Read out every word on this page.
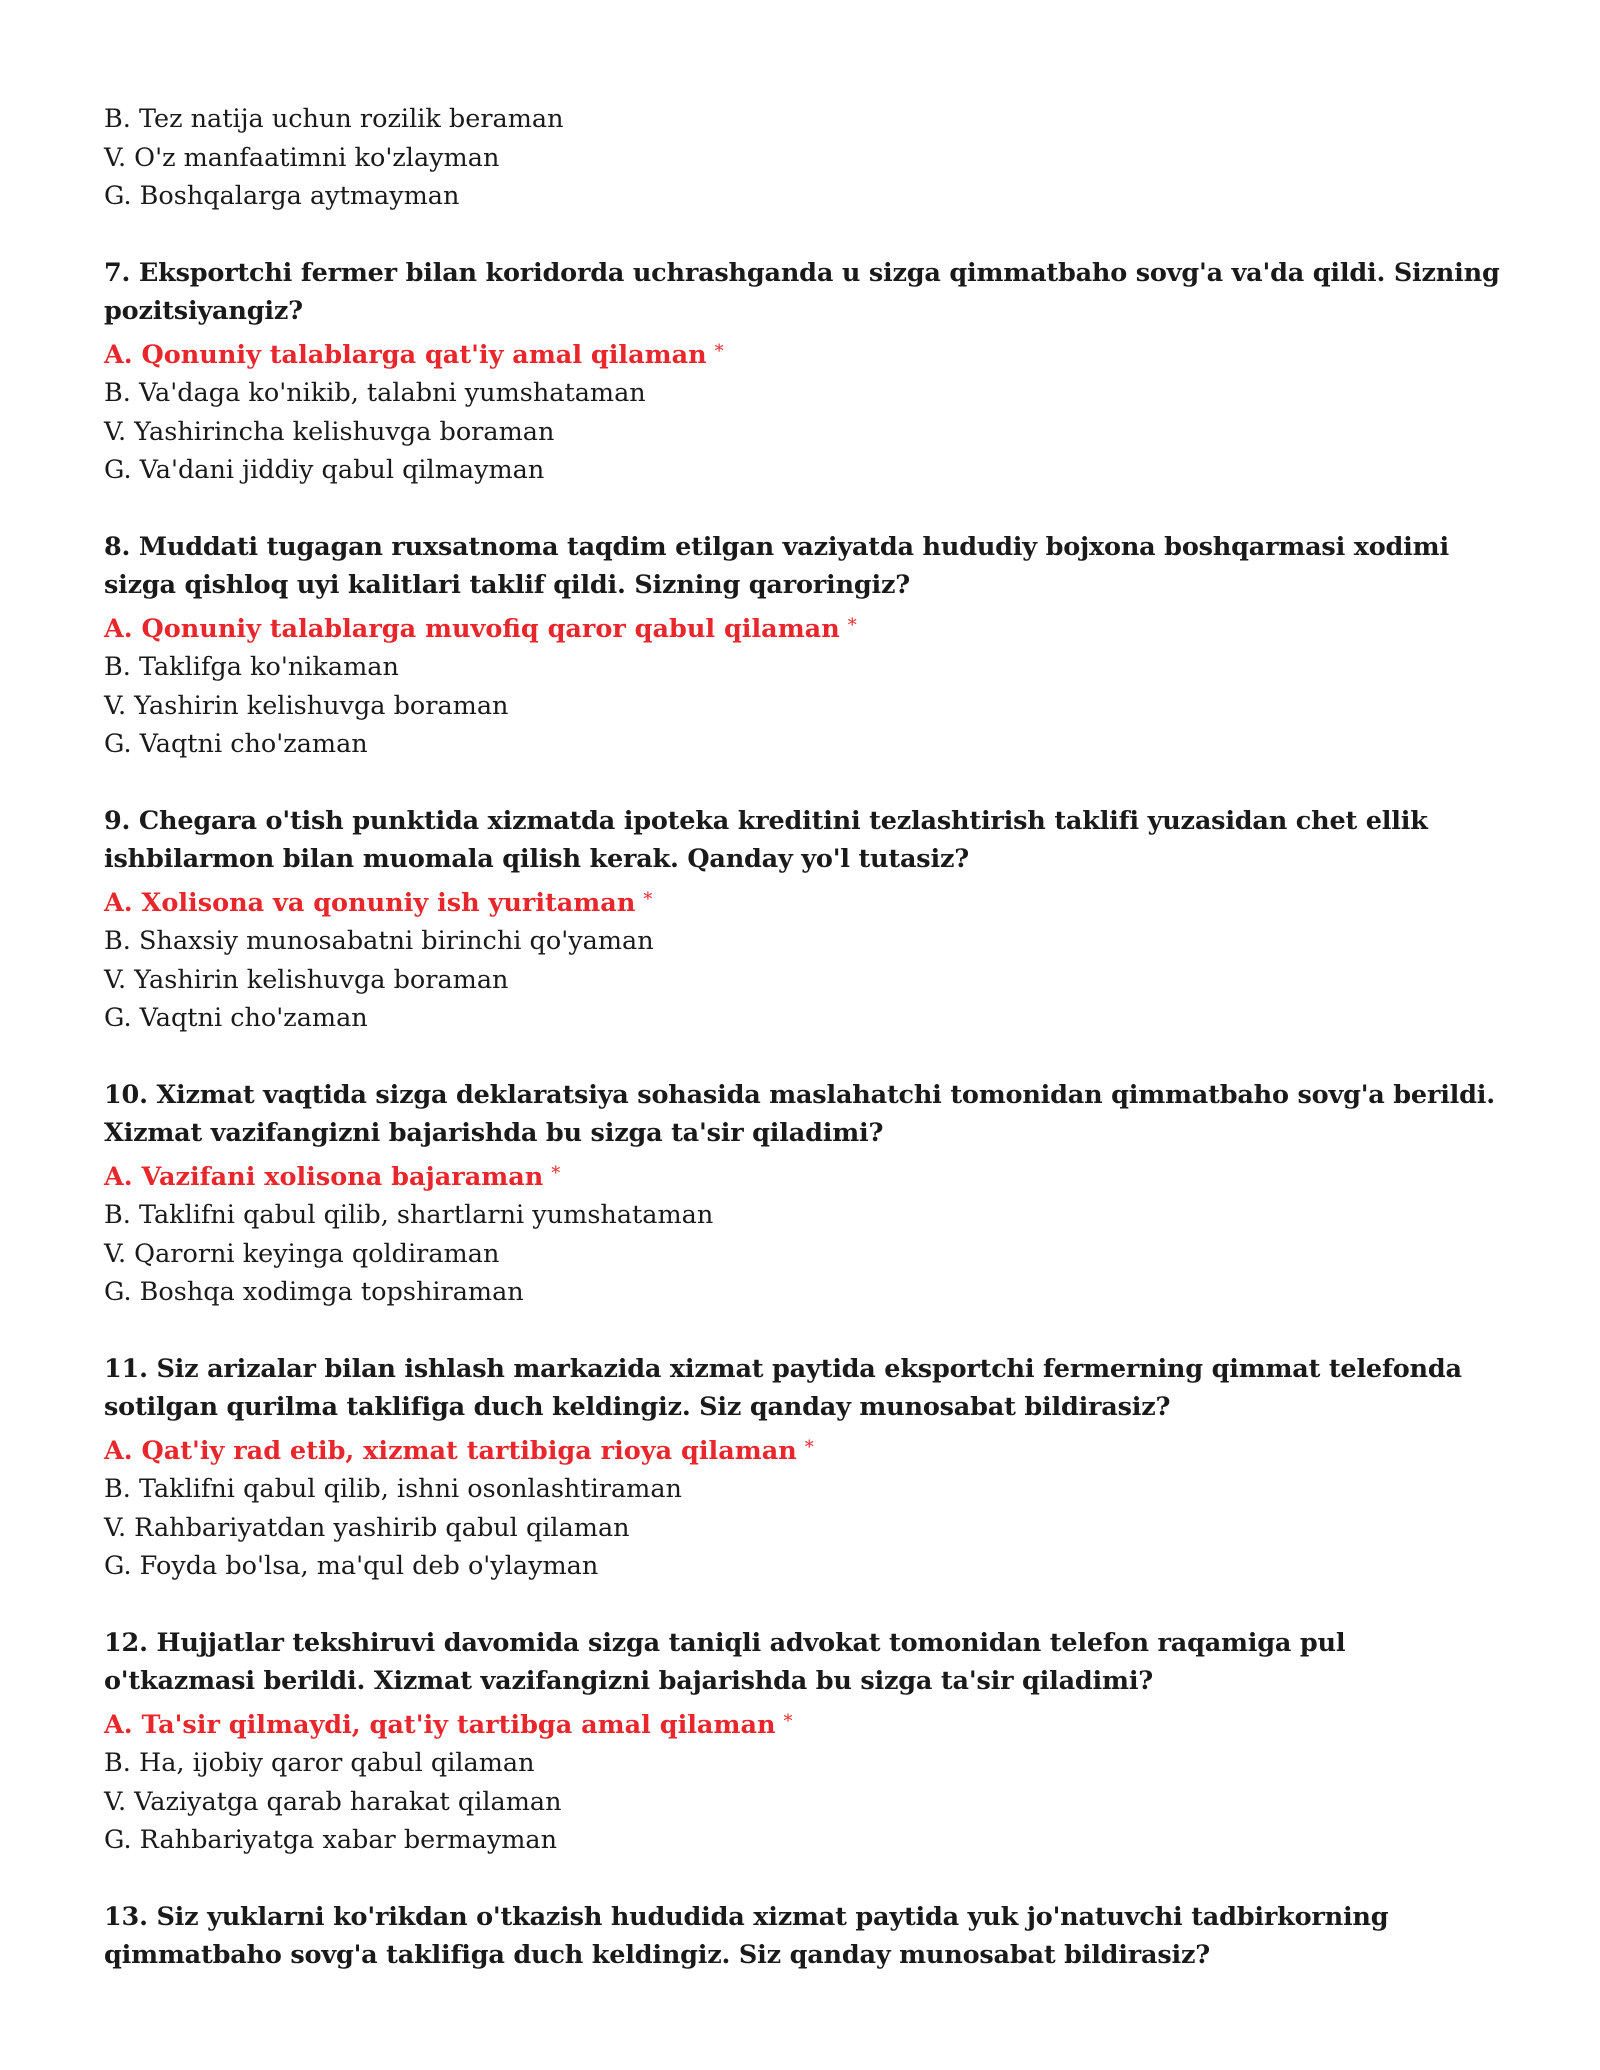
B. Tez natija uchun rozilik beraman
V. O'z manfaatimni ko'zlayman
G. Boshqalarga aytmayman
7. Eksportchi fermer bilan koridorda uchrashganda u sizga qimmatbaho sovg'a va'da qildi. Sizning pozitsiyangiz?
A. Qonuniy talablarga qat'iy amal qilaman *
B. Va'daga ko'nikib, talabni yumshataman
V. Yashirincha kelishuvga boraman
G. Va'dani jiddiy qabul qilmayman
8. Muddati tugagan ruxsatnoma taqdim etilgan vaziyatda hududiy bojxona boshqarmasi xodimi sizga qishloq uyi kalitlari taklif qildi. Sizning qaroringiz?
A. Qonuniy talablarga muvofiq qaror qabul qilaman *
B. Taklifga ko'nikaman
V. Yashirin kelishuvga boraman
G. Vaqtni cho'zaman
9. Chegara o'tish punktida xizmatda ipoteka kreditini tezlashtirish taklifi yuzasidan chet ellik ishbilarmon bilan muomala qilish kerak. Qanday yo'l tutasiz?
A. Xolisona va qonuniy ish yuritaman *
B. Shaxsiy munosabatni birinchi qo'yaman
V. Yashirin kelishuvga boraman
G. Vaqtni cho'zaman
10. Xizmat vaqtida sizga deklaratsiya sohasida maslahatchi tomonidan qimmatbaho sovg'a berildi. Xizmat vazifangizni bajarishda bu sizga ta'sir qiladimi?
A. Vazifani xolisona bajaraman *
B. Taklifni qabul qilib, shartlarni yumshataman
V. Qarorni keyinga qoldiraman
G. Boshqa xodimga topshiraman
11. Siz arizalar bilan ishlash markazida xizmat paytida eksportchi fermerning qimmat telefonda sotilgan qurilma taklifiga duch keldingiz. Siz qanday munosabat bildirasiz?
A. Qat'iy rad etib, xizmat tartibiga rioya qilaman *
B. Taklifni qabul qilib, ishni osonlashtiraman
V. Rahbariyatdan yashirib qabul qilaman
G. Foyda bo'lsa, ma'qul deb o'ylayman
12. Hujjatlar tekshiruvi davomida sizga taniqli advokat tomonidan telefon raqamiga pul o'tkazmasi berildi. Xizmat vazifangizni bajarishda bu sizga ta'sir qiladimi?
A. Ta'sir qilmaydi, qat'iy tartibga amal qilaman *
B. Ha, ijobiy qaror qabul qilaman
V. Vaziyatga qarab harakat qilaman
G. Rahbariyatga xabar bermayman
13. Siz yuklarni ko'rikdan o'tkazish hududida xizmat paytida yuk jo'natuvchi tadbirkorning qimmatbaho sovg'a taklifiga duch keldingiz. Siz qanday munosabat bildirasiz?
